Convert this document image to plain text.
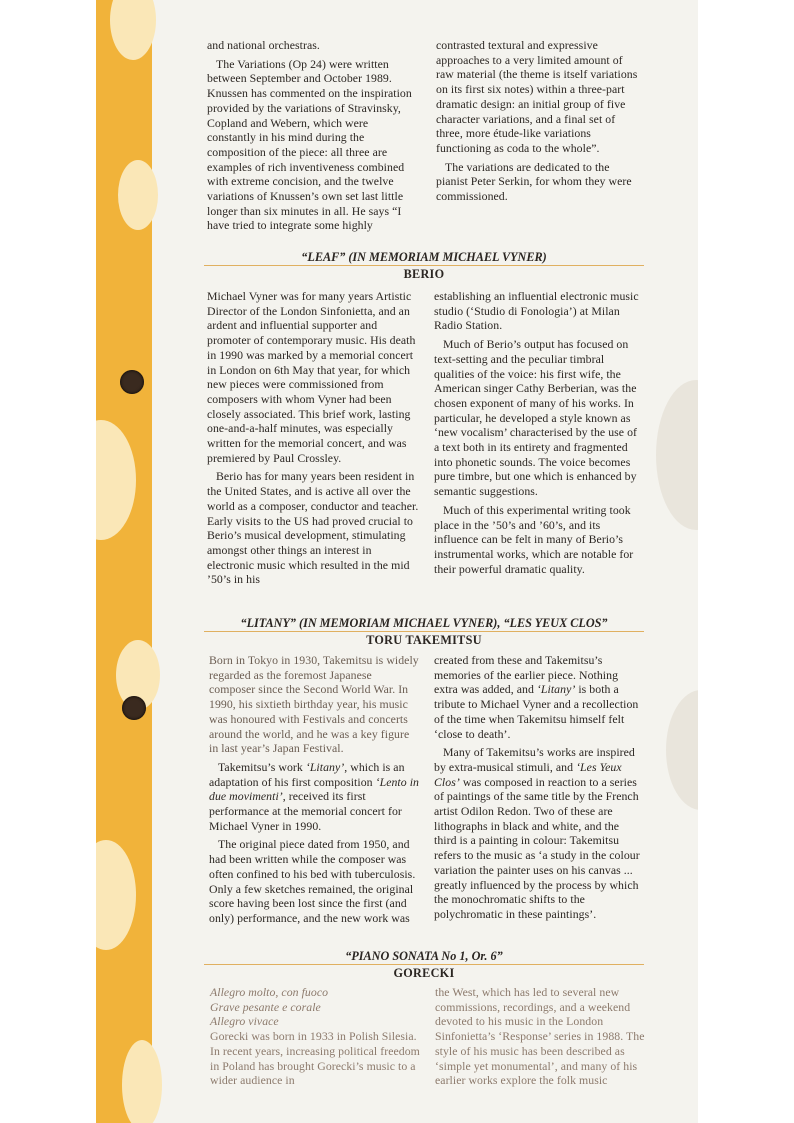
and national orchestras.

The Variations (Op 24) were written between September and October 1989. Knussen has commented on the inspiration provided by the variations of Stravinsky, Copland and Webern, which were constantly in his mind during the composition of the piece: all three are examples of rich inventiveness combined with extreme concision, and the twelve variations of Knussen’s own set last little longer than six minutes in all. He says “I have tried to integrate some highly

contrasted textural and expressive approaches to a very limited amount of raw material (the theme is itself variations on its first six notes) within a three-part dramatic design: an initial group of five character variations, and a final set of three, more étude-like variations functioning as coda to the whole”.

The variations are dedicated to the pianist Peter Serkin, for whom they were commissioned.

“LEAF” (IN MEMORIAM MICHAEL VYNER)
BERIO

Michael Vyner was for many years Artistic Director of the London Sinfonietta, and an ardent and influential supporter and promoter of contemporary music. His death in 1990 was marked by a memorial concert in London on 6th May that year, for which new pieces were commissioned from composers with whom Vyner had been closely associated. This brief work, lasting one-and-a-half minutes, was especially written for the memorial concert, and was premiered by Paul Crossley.

Berio has for many years been resident in the United States, and is active all over the world as a composer, conductor and teacher. Early visits to the US had proved crucial to Berio’s musical development, stimulating amongst other things an interest in electronic music which resulted in the mid ’50’s in his

establishing an influential electronic music studio (‘Studio di Fonologia’) at Milan Radio Station.

Much of Berio’s output has focused on text-setting and the peculiar timbral qualities of the voice: his first wife, the American singer Cathy Berberian, was the chosen exponent of many of his works. In particular, he developed a style known as ‘new vocalism’ characterised by the use of a text both in its entirety and fragmented into phonetic sounds. The voice becomes pure timbre, but one which is enhanced by semantic suggestions.

Much of this experimental writing took place in the ’50’s and ’60’s, and its influence can be felt in many of Berio’s instrumental works, which are notable for their powerful dramatic quality.

“LITANY” (IN MEMORIAM MICHAEL VYNER), “LES YEUX CLOS”
TORU TAKEMITSU

Born in Tokyo in 1930, Takemitsu is widely regarded as the foremost Japanese composer since the Second World War. In 1990, his sixtieth birthday year, his music was honoured with Festivals and concerts around the world, and he was a key figure in last year’s Japan Festival.

Takemitsu’s work ‘Litany’, which is an adaptation of his first composition ‘Lento in due movimenti’, received its first performance at the memorial concert for Michael Vyner in 1990.

The original piece dated from 1950, and had been written while the composer was often confined to his bed with tuberculosis. Only a few sketches remained, the original score having been lost since the first (and only) performance, and the new work was

created from these and Takemitsu’s memories of the earlier piece. Nothing extra was added, and ‘Litany’ is both a tribute to Michael Vyner and a recollection of the time when Takemitsu himself felt ‘close to death’.

Many of Takemitsu’s works are inspired by extra-musical stimuli, and ‘Les Yeux Clos’ was composed in reaction to a series of paintings of the same title by the French artist Odilon Redon. Two of these are lithographs in black and white, and the third is a painting in colour: Takemitsu refers to the music as ‘a study in the colour variation the painter uses on his canvas ... greatly influenced by the process by which the monochromatic shifts to the polychromatic in these paintings’.

“PIANO SONATA No 1, Or. 6”
GORECKI
Allegro molto, con fuoco
Grave pesante e corale
Allegro vivace

Gorecki was born in 1933 in Polish Silesia. In recent years, increasing political freedom in Poland has brought Gorecki’s music to a wider audience in

the West, which has led to several new commissions, recordings, and a weekend devoted to his music in the London Sinfonietta’s ‘Response’ series in 1988. The style of his music has been described as ‘simple yet monumental’, and many of his earlier works explore the folk music
